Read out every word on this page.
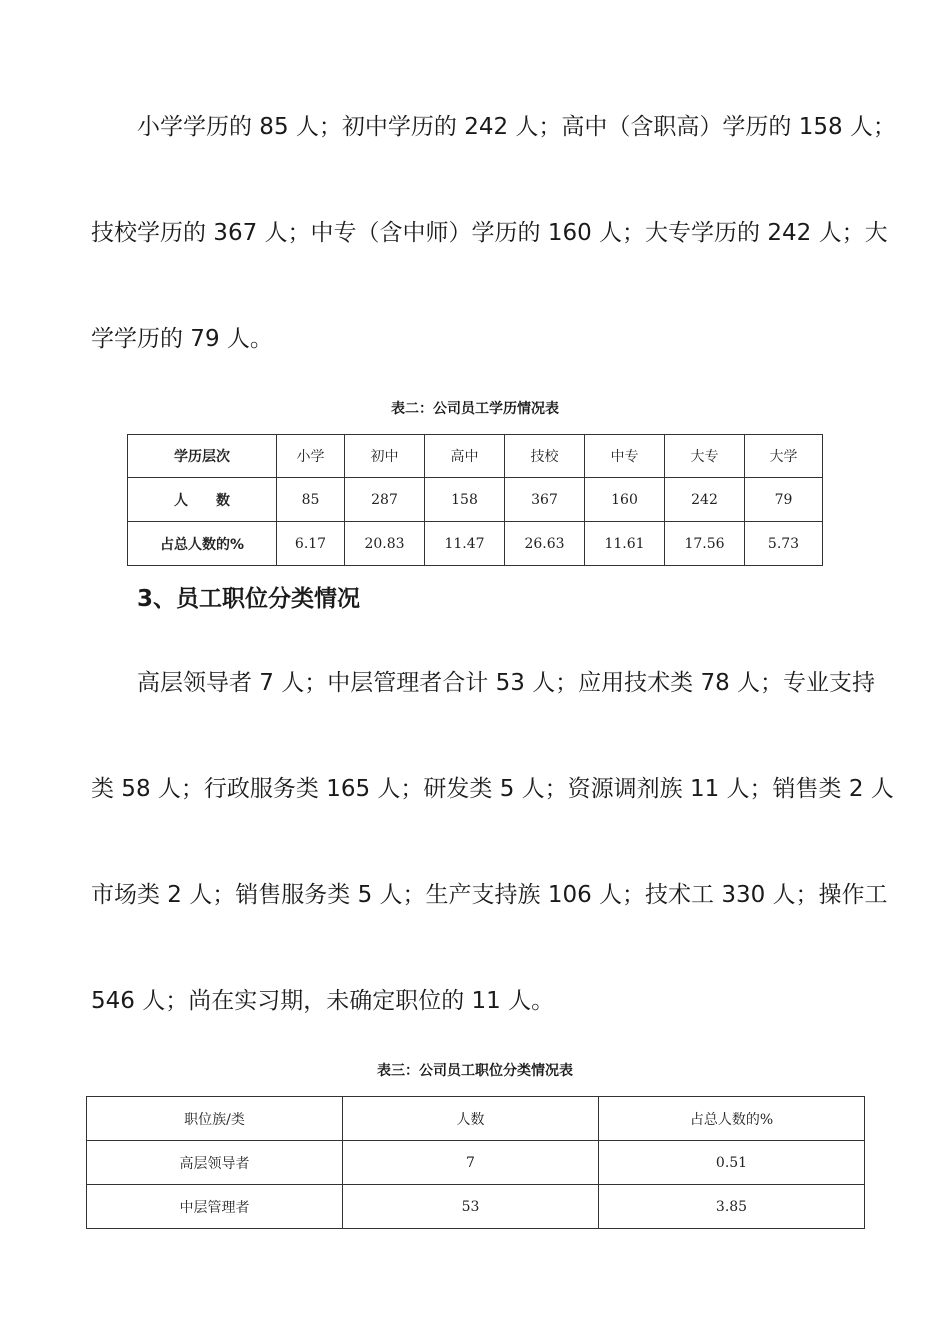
小学学历的 85 人；初中学历的 242 人；高中（含职高）学历的 158 人；
技校学历的 367 人；中专（含中师）学历的 160 人；大专学历的 242 人；大
学学历的 79 人。
表二：公司员工学历情况表
学历层次	小学	初中	高中	技校	中专	大专	大学
人　　数	85	287	158	367	160	242	79
占总人数的%	6.17	20.83	11.47	26.63	11.61	17.56	5.73
3、员工职位分类情况
高层领导者 7 人；中层管理者合计 53 人；应用技术类 78 人；专业支持
类 58 人；行政服务类 165 人；研发类 5 人；资源调剂族 11 人；销售类 2 人
市场类 2 人；销售服务类 5 人；生产支持族 106 人；技术工 330 人；操作工
546 人；尚在实习期，未确定职位的 11 人。
表三：公司员工职位分类情况表
职位族/类	人数	占总人数的%
高层领导者	7	0.51
中层管理者	53	3.85
